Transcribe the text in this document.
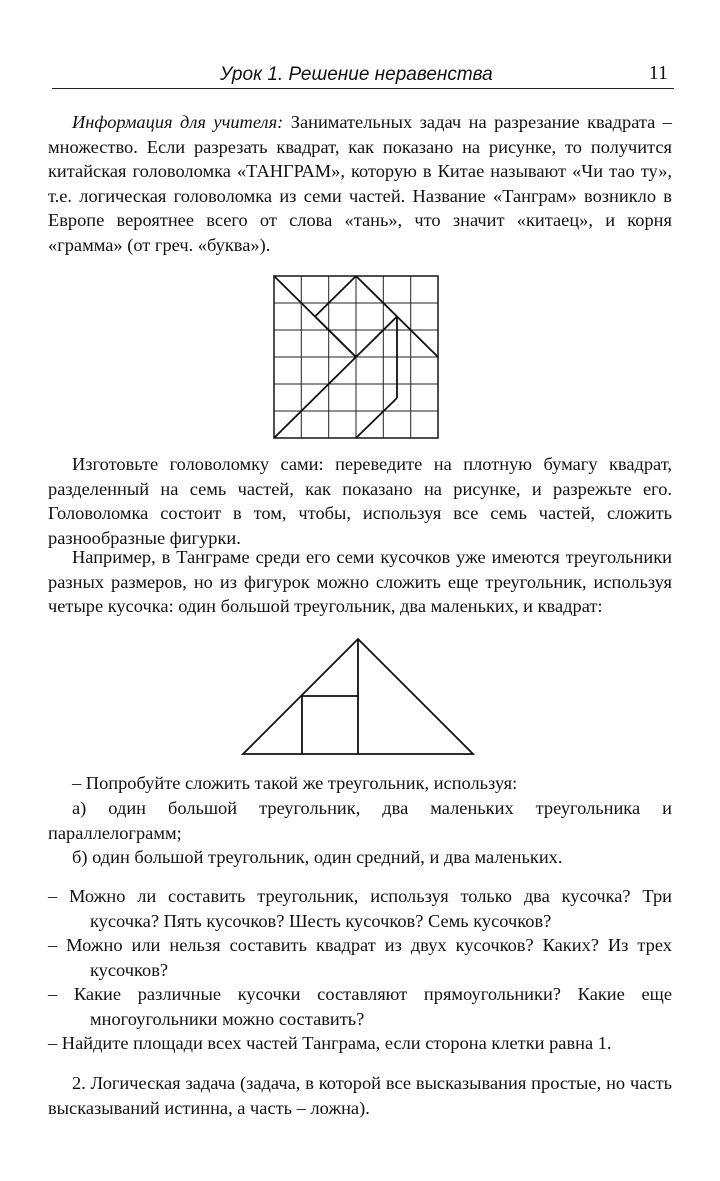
Урок 1. Решение неравенства	11

Информация для учителя: Занимательных задач на разрезание квадрата – множество. Если разрезать квадрат, как показано на рисунке, то получится китайская головоломка «ТАНГРАМ», которую в Китае называют «Чи тао ту», т.е. логическая головоломка из семи частей. Название «Танграм» возникло в Европе вероятнее всего от слова «тань», что значит «китаец», и корня «грамма» (от греч. «буква»).

Изготовьте головоломку сами: переведите на плотную бумагу квадрат, разделенный на семь частей, как показано на рисунке, и разрежьте его. Головоломка состоит в том, чтобы, используя все семь частей, сложить разнообразные фигурки.

Например, в Танграме среди его семи кусочков уже имеются треугольники разных размеров, но из фигурок можно сложить еще треугольник, используя четыре кусочка: один большой треугольник, два маленьких, и квадрат:

– Попробуйте сложить такой же треугольник, используя:

а) один большой треугольник, два маленьких треугольника и параллелограмм;

б) один большой треугольник, один средний, и два маленьких.

– Можно ли составить треугольник, используя только два кусочка? Три кусочка? Пять кусочков? Шесть кусочков? Семь кусочков?

– Можно или нельзя составить квадрат из двух кусочков? Каких? Из трех кусочков?

– Какие различные кусочки составляют прямоугольники? Какие еще многоугольники можно составить?

– Найдите площади всех частей Танграма, если сторона клетки равна 1.

2. Логическая задача (задача, в которой все высказывания простые, но часть высказываний истинна, а часть – ложна).
